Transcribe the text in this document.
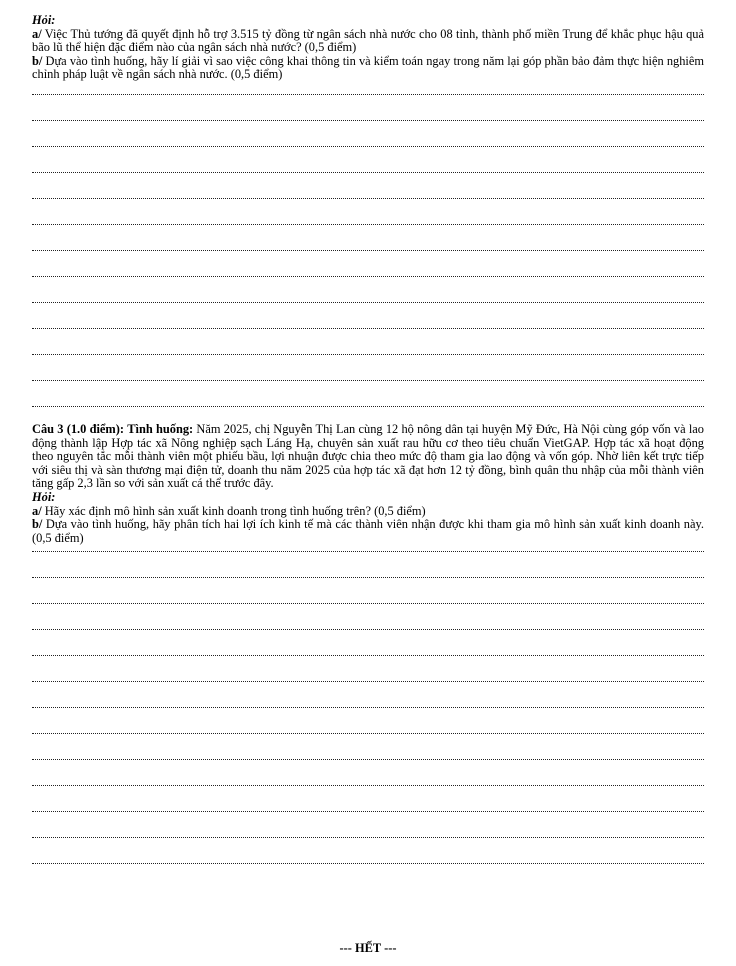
Hỏi:

a/ Việc Thủ tướng đã quyết định hỗ trợ 3.515 tỷ đồng từ ngân sách nhà nước cho 08 tỉnh, thành phố miền Trung để khắc phục hậu quả bão lũ thể hiện đặc điểm nào của ngân sách nhà nước? (0,5 điểm)

b/ Dựa vào tình huống, hãy lí giải vì sao việc công khai thông tin và kiểm toán ngay trong năm lại góp phần bảo đảm thực hiện nghiêm chỉnh pháp luật về ngân sách nhà nước. (0,5 điểm)

Câu 3 (1.0 điểm): Tình huống: Năm 2025, chị Nguyễn Thị Lan cùng 12 hộ nông dân tại huyện Mỹ Đức, Hà Nội cùng góp vốn và lao động thành lập Hợp tác xã Nông nghiệp sạch Láng Hạ, chuyên sản xuất rau hữu cơ theo tiêu chuẩn VietGAP. Hợp tác xã hoạt động theo nguyên tắc mỗi thành viên một phiếu bầu, lợi nhuận được chia theo mức độ tham gia lao động và vốn góp. Nhờ liên kết trực tiếp với siêu thị và sàn thương mại điện tử, doanh thu năm 2025 của hợp tác xã đạt hơn 12 tỷ đồng, bình quân thu nhập của mỗi thành viên tăng gấp 2,3 lần so với sản xuất cá thể trước đây.

Hỏi:

a/ Hãy xác định mô hình sản xuất kinh doanh trong tình huống trên? (0,5 điểm)

b/ Dựa vào tình huống, hãy phân tích hai lợi ích kinh tế mà các thành viên nhận được khi tham gia mô hình sản xuất kinh doanh này. (0,5 điểm)

--- HẾT ---
